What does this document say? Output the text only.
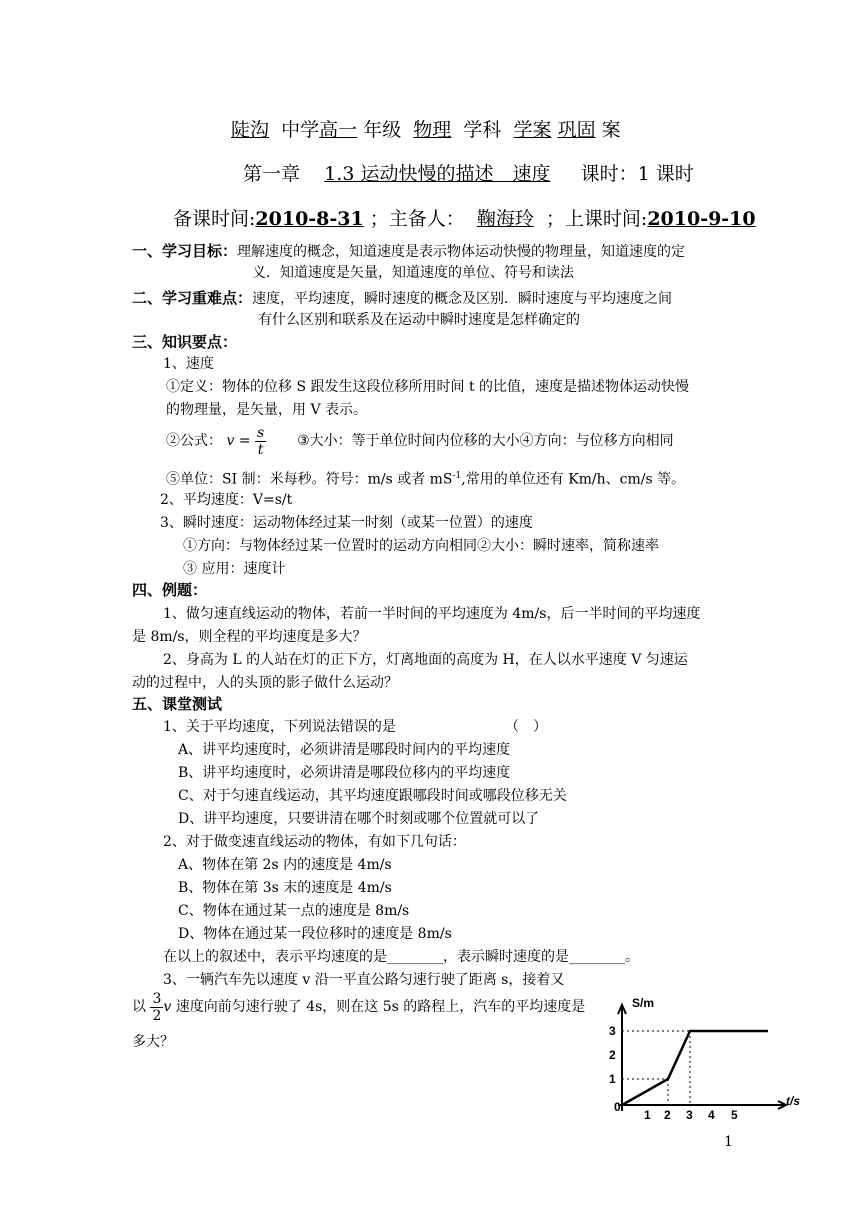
陡沟 中学高一 年级 物理 学科 学案 巩固 案
第一章 1.3 运动快慢的描述　速度 课时：1 课时
备课时间:2010-8-31 ；主备人： 鞠海玲 ；上课时间:2010-9-10
一、学习目标：理解速度的概念，知道速度是表示物体运动快慢的物理量，知道速度的定
义．知道速度是矢量，知道速度的单位、符号和读法
二、学习重难点：速度，平均速度，瞬时速度的概念及区别．瞬时速度与平均速度之间
有什么区别和联系及在运动中瞬时速度是怎样确定的
三、知识要点：
1、速度
①定义：物体的位移 S 跟发生这段位移所用时间 t 的比值，速度是描述物体运动快慢
的物理量，是矢量，用 V 表示。
②公式： $v = \frac{s}{t}$ ③大小：等于单位时间内位移的大小④方向：与位移方向相同
⑤单位：SI 制：米每秒。符号：m/s 或者 $mS^{-1}$,常用的单位还有 Km/h、cm/s 等。
2、平均速度：V=s/t
3、瞬时速度：运动物体经过某一时刻（或某一位置）的速度
①方向：与物体经过某一位置时的运动方向相同②大小：瞬时速率，简称速率
③ 应用：速度计
四、例题：
1、做匀速直线运动的物体，若前一半时间的平均速度为 4m/s，后一半时间的平均速度
是 8m/s，则全程的平均速度是多大？
2、身高为 L 的人站在灯的正下方，灯离地面的高度为 H，在人以水平速度 V 匀速运
动的过程中，人的头顶的影子做什么运动？
五、课堂测试
1、关于平均速度，下列说法错误的是	（　）
A、讲平均速度时，必须讲清是哪段时间内的平均速度
B、讲平均速度时，必须讲清是哪段位移内的平均速度
C、对于匀速直线运动，其平均速度跟哪段时间或哪段位移无关
D、讲平均速度，只要讲清在哪个时刻或哪个位置就可以了
2、对于做变速直线运动的物体，有如下几句话：
A、物体在第 2s 内的速度是 4m/s
B、物体在第 3s 末的速度是 4m/s
C、物体在通过某一点的速度是 8m/s
D、物体在通过某一段位移时的速度是 8m/s
在以上的叙述中，表示平均速度的是________，表示瞬时速度的是________。
3、一辆汽车先以速度 v 沿一平直公路匀速行驶了距离 s，接着又
以 $\frac{3}{2}$ v 速度向前匀速行驶了 4s，则在这 5s 的路程上，汽车的平均速度是
多大？
S/m
t/s
0
1
2
3
1 2 3 4 5
1
